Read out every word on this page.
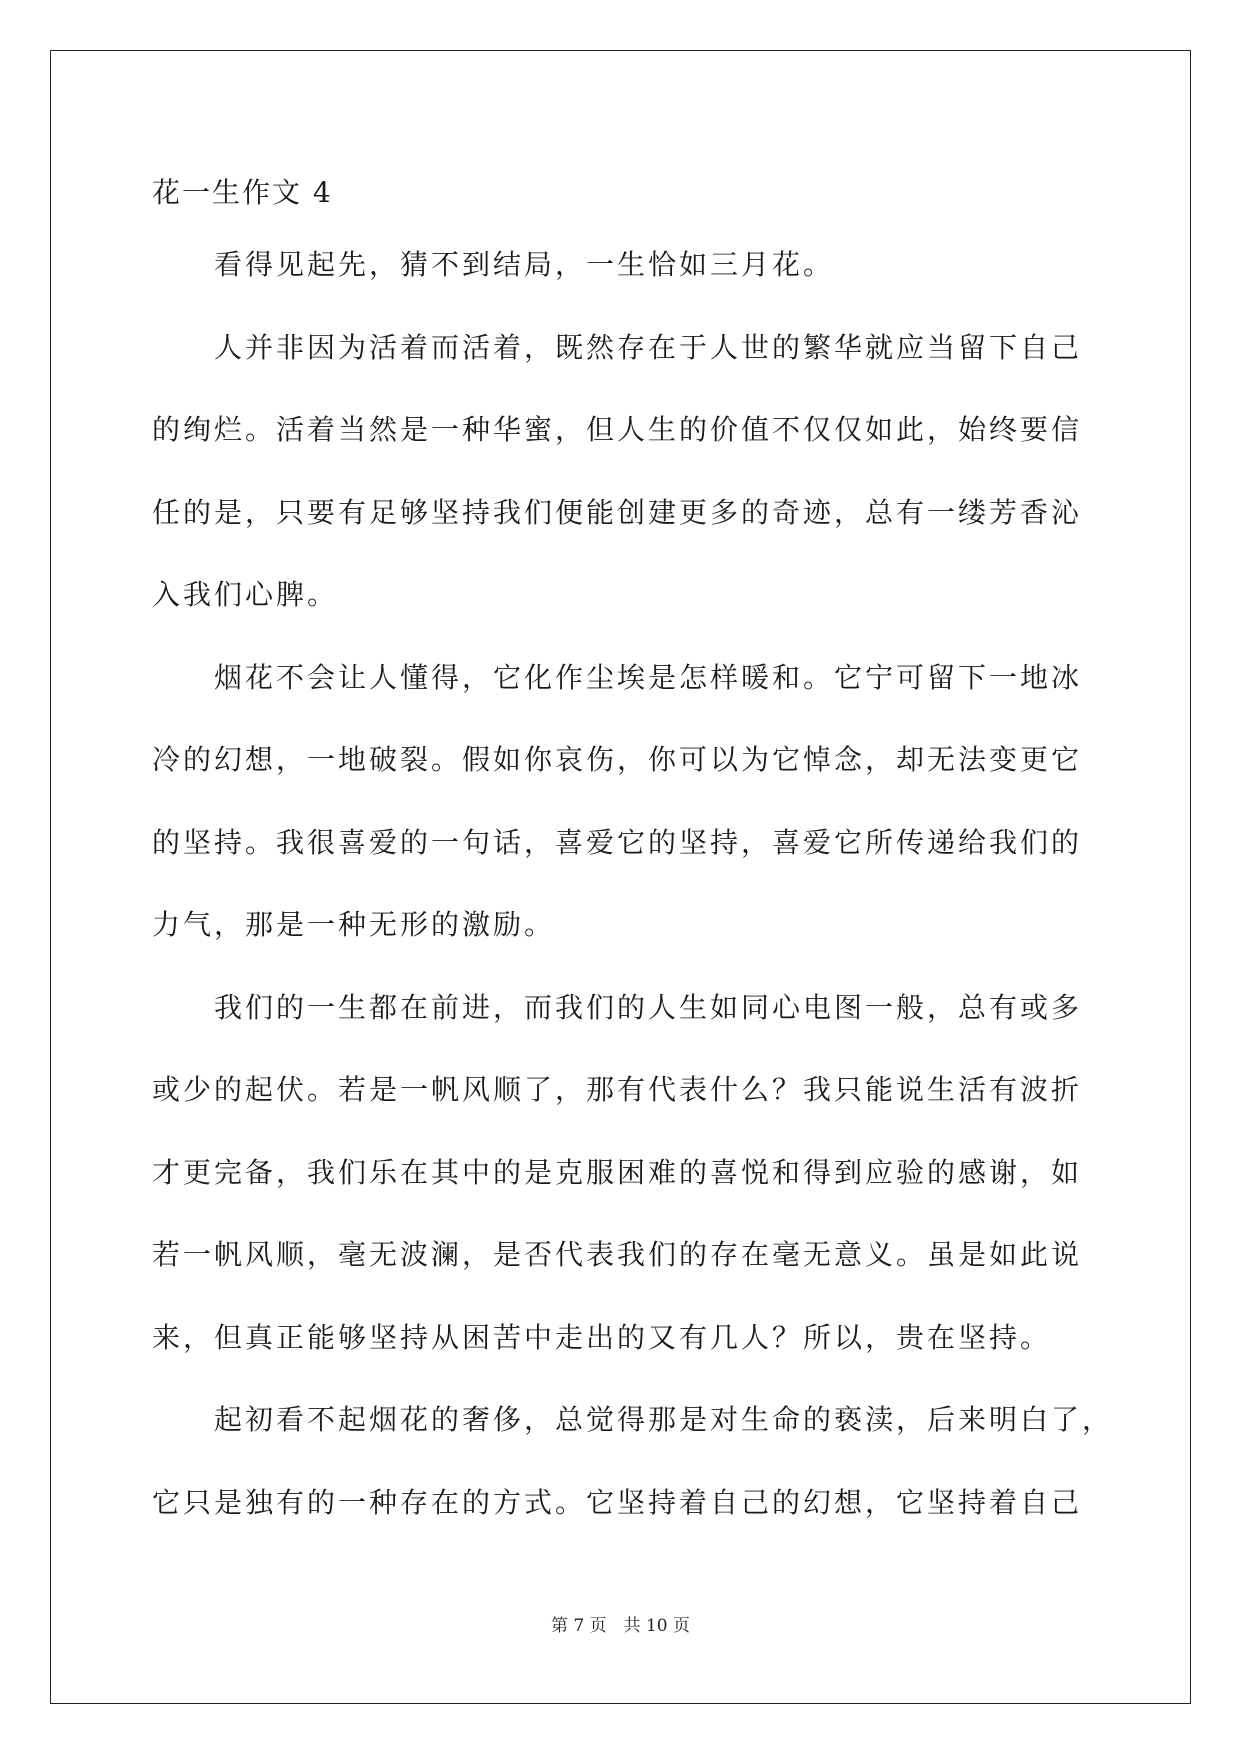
花一生作文 4
看得见起先，猜不到结局，一生恰如三月花。
人并非因为活着而活着，既然存在于人世的繁华就应当留下自己
的绚烂。活着当然是一种华蜜，但人生的价值不仅仅如此，始终要信
任的是，只要有足够坚持我们便能创建更多的奇迹，总有一缕芳香沁
入我们心脾。
烟花不会让人懂得，它化作尘埃是怎样暖和。它宁可留下一地冰
冷的幻想，一地破裂。假如你哀伤，你可以为它悼念，却无法变更它
的坚持。我很喜爱的一句话，喜爱它的坚持，喜爱它所传递给我们的
力气，那是一种无形的激励。
我们的一生都在前进，而我们的人生如同心电图一般，总有或多
或少的起伏。若是一帆风顺了，那有代表什么？我只能说生活有波折
才更完备，我们乐在其中的是克服困难的喜悦和得到应验的感谢，如
若一帆风顺，毫无波澜，是否代表我们的存在毫无意义。虽是如此说
来，但真正能够坚持从困苦中走出的又有几人？所以，贵在坚持。
起初看不起烟花的奢侈，总觉得那是对生命的亵渎，后来明白了，
它只是独有的一种存在的方式。它坚持着自己的幻想，它坚持着自己
第 7 页　共 10 页
